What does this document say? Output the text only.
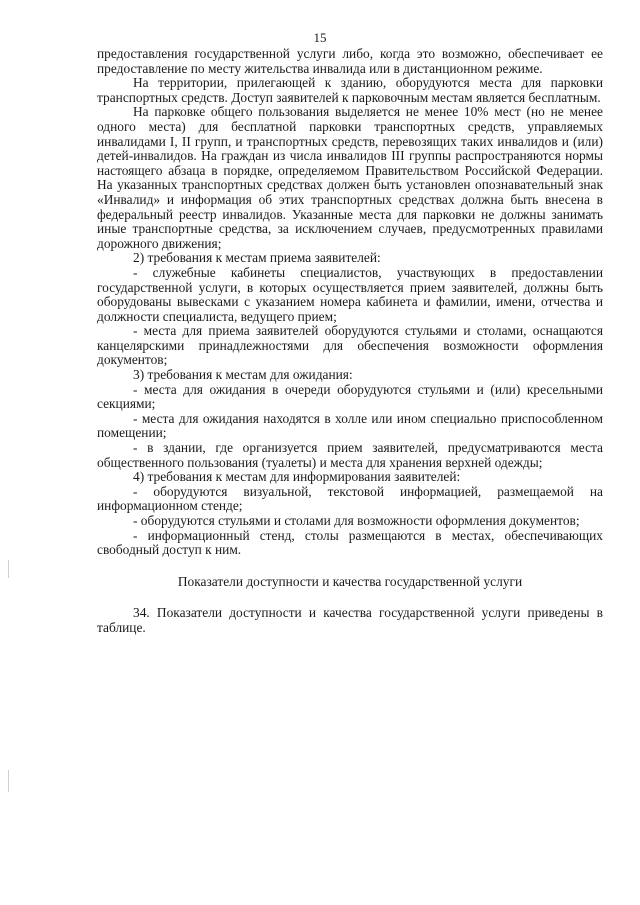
15

предоставления государственной услуги либо, когда это возможно, обеспечивает ее предоставление по месту жительства инвалида или в дистанционном режиме.

На территории, прилегающей к зданию, оборудуются места для парковки транспортных средств. Доступ заявителей к парковочным местам является бесплатным.

На парковке общего пользования выделяется не менее 10% мест (но не менее одного места) для бесплатной парковки транспортных средств, управляемых инвалидами I, II групп, и транспортных средств, перевозящих таких инвалидов и (или) детей-инвалидов. На граждан из числа инвалидов III группы распространяются нормы настоящего абзаца в порядке, определяемом Правительством Российской Федерации. На указанных транспортных средствах должен быть установлен опознавательный знак «Инвалид» и информация об этих транспортных средствах должна быть внесена в федеральный реестр инвалидов. Указанные места для парковки не должны занимать иные транспортные средства, за исключением случаев, предусмотренных правилами дорожного движения;

2) требования к местам приема заявителей:

- служебные кабинеты специалистов, участвующих в предоставлении государственной услуги, в которых осуществляется прием заявителей, должны быть оборудованы вывесками с указанием номера кабинета и фамилии, имени, отчества и должности специалиста, ведущего прием;

- места для приема заявителей оборудуются стульями и столами, оснащаются канцелярскими принадлежностями для обеспечения возможности оформления документов;

3) требования к местам для ожидания:

- места для ожидания в очереди оборудуются стульями и (или) кресельными секциями;

- места для ожидания находятся в холле или ином специально приспособленном помещении;

- в здании, где организуется прием заявителей, предусматриваются места общественного пользования (туалеты) и места для хранения верхней одежды;

4) требования к местам для информирования заявителей:

- оборудуются визуальной, текстовой информацией, размещаемой на информационном стенде;

- оборудуются стульями и столами для возможности оформления документов;

- информационный стенд, столы размещаются в местах, обеспечивающих свободный доступ к ним.

Показатели доступности и качества государственной услуги

34. Показатели доступности и качества государственной услуги приведены в таблице.
